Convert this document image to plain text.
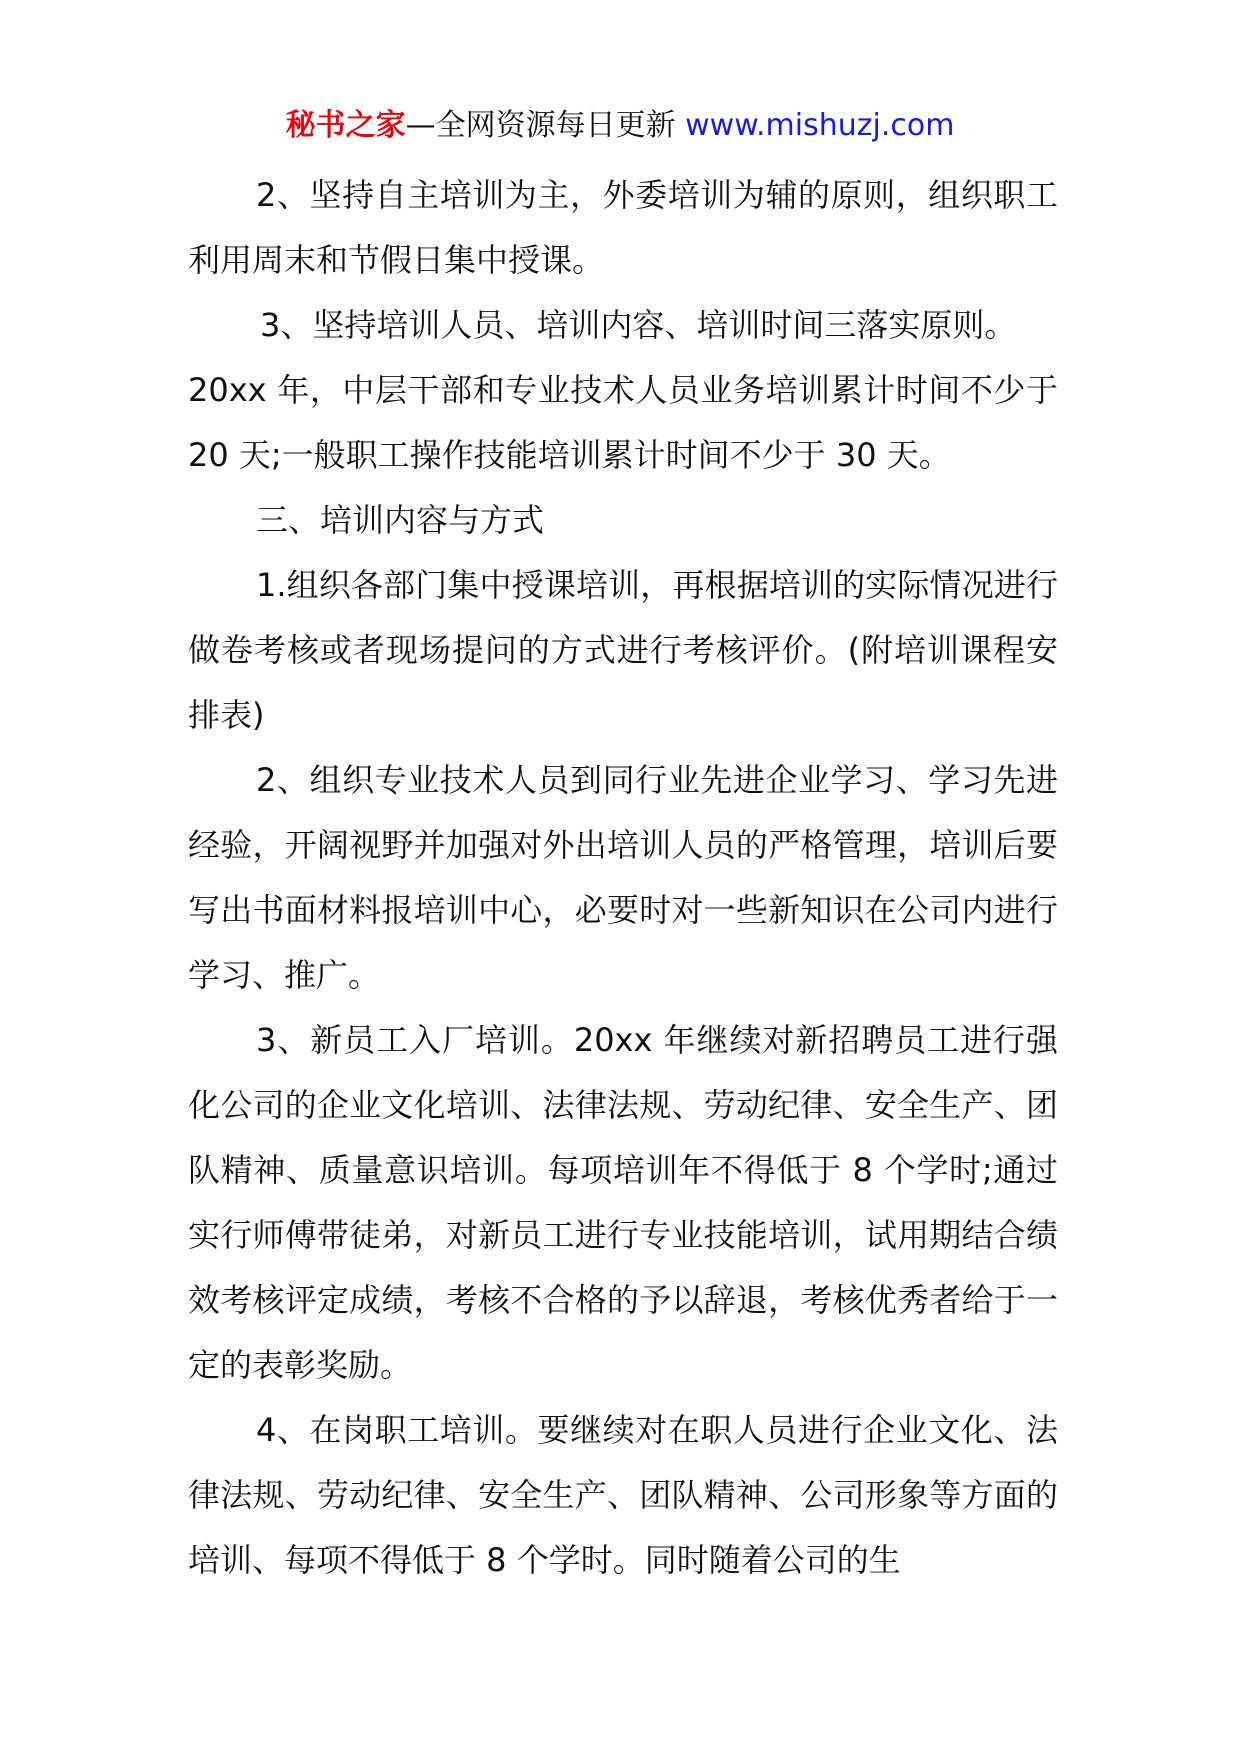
秘书之家—全网资源每日更新 www.mishuzj.com

2、坚持自主培训为主，外委培训为辅的原则，组织职工利用周末和节假日集中授课。

3、坚持培训人员、培训内容、培训时间三落实原则。

20xx 年，中层干部和专业技术人员业务培训累计时间不少于 20 天;一般职工操作技能培训累计时间不少于 30 天。

三、培训内容与方式

1.组织各部门集中授课培训，再根据培训的实际情况进行做卷考核或者现场提问的方式进行考核评价。(附培训课程安排表)

2、组织专业技术人员到同行业先进企业学习、学习先进经验，开阔视野并加强对外出培训人员的严格管理，培训后要写出书面材料报培训中心，必要时对一些新知识在公司内进行学习、推广。

3、新员工入厂培训。20xx 年继续对新招聘员工进行强化公司的企业文化培训、法律法规、劳动纪律、安全生产、团队精神、质量意识培训。每项培训年不得低于 8 个学时;通过实行师傅带徒弟，对新员工进行专业技能培训，试用期结合绩效考核评定成绩，考核不合格的予以辞退，考核优秀者给于一定的表彰奖励。

4、在岗职工培训。要继续对在职人员进行企业文化、法律法规、劳动纪律、安全生产、团队精神、公司形象等方面的培训、每项不得低于 8 个学时。同时随着公司的生
